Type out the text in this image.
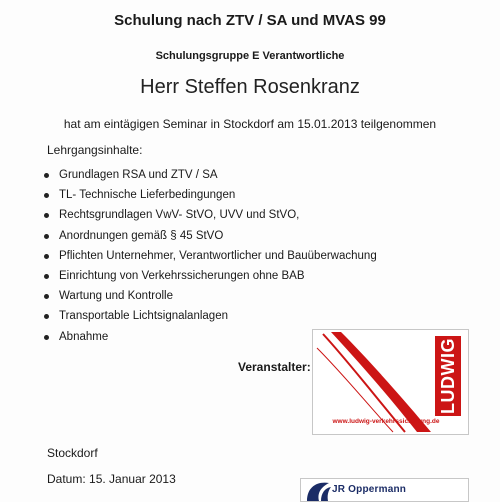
Schulung nach ZTV / SA und MVAS 99
Schulungsgruppe E Verantwortliche
Herr Steffen Rosenkranz
hat am eintägigen Seminar in Stockdorf am 15.01.2013 teilgenommen
Lehrgangsinhalte:
Grundlagen RSA und ZTV / SA
TL- Technische Lieferbedingungen
Rechtsgrundlagen VwV- StVO, UVV und StVO,
Anordnungen gemäß § 45 StVO
Pflichten Unternehmer, Verantwortlicher und Bauüberwachung
Einrichtung von Verkehrssicherungen ohne BAB
Wartung und Kontrolle
Transportable Lichtsignalanlagen
Abnahme
Veranstalter:	LUDWIG
www.ludwig-verkehrssicherung.de
Stockdorf
Datum: 15. Januar 2013
JR Oppermann
